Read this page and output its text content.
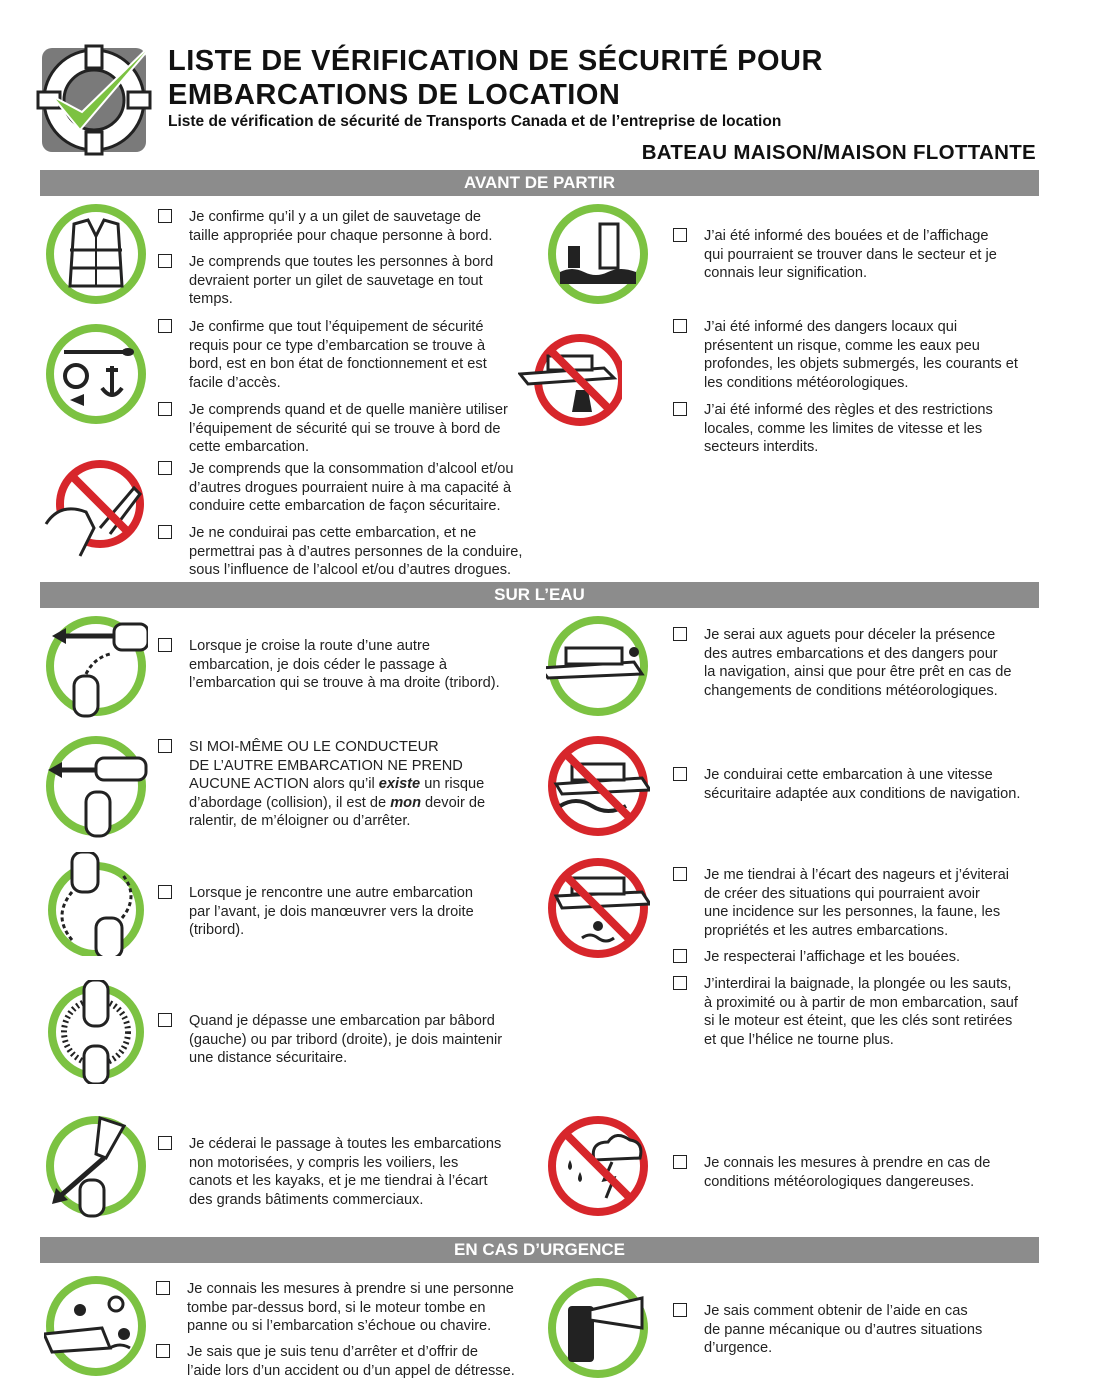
LISTE DE VÉRIFICATION DE SÉCURITÉ POUR
EMBARCATIONS DE LOCATION
Liste de vérification de sécurité de Transports Canada et de l’entreprise de location
BATEAU MAISON/MAISON FLOTTANTE
AVANT DE PARTIR
Je confirme qu’il y a un gilet de sauvetage de
taille appropriée pour chaque personne à bord.
Je comprends que toutes les personnes à bord
devraient porter un gilet de sauvetage en tout
temps.
Je confirme que tout l’équipement de sécurité
requis pour ce type d’embarcation se trouve à
bord, est en bon état de fonctionnement et est
facile d’accès.
Je comprends quand et de quelle manière utiliser
l’équipement de sécurité qui se trouve à bord de
cette embarcation.
Je comprends que la consommation d’alcool et/ou
d’autres drogues pourraient nuire à ma capacité à
conduire cette embarcation de façon sécuritaire.
Je ne conduirai pas cette embarcation, et ne
permettrai pas à d’autres personnes de la conduire,
sous l’influence de l’alcool et/ou d’autres drogues.
J’ai été informé des bouées et de l’affichage
qui pourraient se trouver dans le secteur et je
connais leur signification.
J’ai été informé des dangers locaux qui
présentent un risque, comme les eaux peu
profondes, les objets submergés, les courants et
les conditions météorologiques.
J’ai été informé des règles et des restrictions
locales, comme les limites de vitesse et les
secteurs interdits.
SUR L’EAU
Lorsque je croise la route d’une autre
embarcation, je dois céder le passage à
l’embarcation qui se trouve à ma droite (tribord).
SI MOI-MÊME OU LE CONDUCTEUR
DE L’AUTRE EMBARCATION NE PREND
AUCUNE ACTION alors qu’il existe un risque
d’abordage (collision), il est de mon devoir de
ralentir, de m’éloigner ou d’arrêter.
Lorsque je rencontre une autre embarcation
par l’avant, je dois manœuvrer vers la droite
(tribord).
Quand je dépasse une embarcation par bâbord
(gauche) ou par tribord (droite), je dois maintenir
une distance sécuritaire.
Je céderai le passage à toutes les embarcations
non motorisées, y compris les voiliers, les
canots et les kayaks, et je me tiendrai à l’écart
des grands bâtiments commerciaux.
Je serai aux aguets pour déceler la présence
des autres embarcations et des dangers pour
la navigation, ainsi que pour être prêt en cas de
changements de conditions météorologiques.
Je conduirai cette embarcation à une vitesse
sécuritaire adaptée aux conditions de navigation.
Je me tiendrai à l’écart des nageurs et j’éviterai
de créer des situations qui pourraient avoir
une incidence sur les personnes, la faune, les
propriétés et les autres embarcations.
Je respecterai l’affichage et les bouées.
J’interdirai la baignade, la plongée ou les sauts,
à proximité ou à partir de mon embarcation, sauf
si le moteur est éteint, que les clés sont retirées
et que l’hélice ne tourne plus.
Je connais les mesures à prendre en cas de
conditions météorologiques dangereuses.
EN CAS D’URGENCE
Je connais les mesures à prendre si une personne
tombe par-dessus bord, si le moteur tombe en
panne ou si l’embarcation s’échoue ou chavire.
Je sais que je suis tenu d’arrêter et d’offrir de
l’aide lors d’un accident ou d’un appel de détresse.
Je sais comment obtenir de l’aide en cas
de panne mécanique ou d’autres situations
d’urgence.
